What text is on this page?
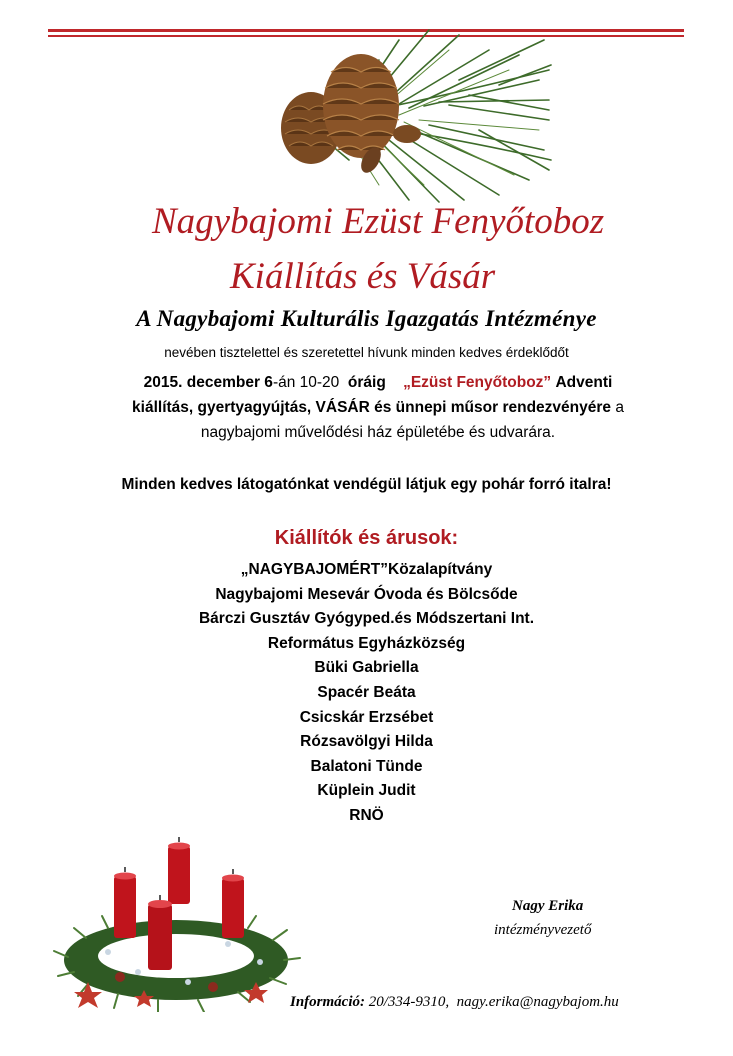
Nagybajomi Ezüst Fenyőtoboz
Kiállítás és Vásár
A Nagybajomi Kulturális Igazgatás Intézménye
nevében tisztelettel és szeretettel hívunk minden kedves érdeklődőt
2015. december 6-án 10-20 óráig „Ezüst Fenyőtoboz” Adventi
kiállítás, gyertyagyújtás, VÁSÁR és ünnepi műsor rendezvényére a
nagybajomi művelődési ház épületébe és udvarára.
Minden kedves látogatónkat vendégül látjuk egy pohár forró italra!
Kiállítók és árusok:
„NAGYBAJOMÉRT”Közalapítvány
Nagybajomi Mesevár Óvoda és Bölcsőde
Bárczi Gusztáv Gyógyped.és Módszertani Int.
Református Egyházközség
Büki Gabriella
Spacér Beáta
Csicskár Erzsébet
Rózsavölgyi Hilda
Balatoni Tünde
Küplein Judit
RNÖ
Nagy Erika
intézményvezető
Információ: 20/334-9310, nagy.erika@nagybajom.hu
